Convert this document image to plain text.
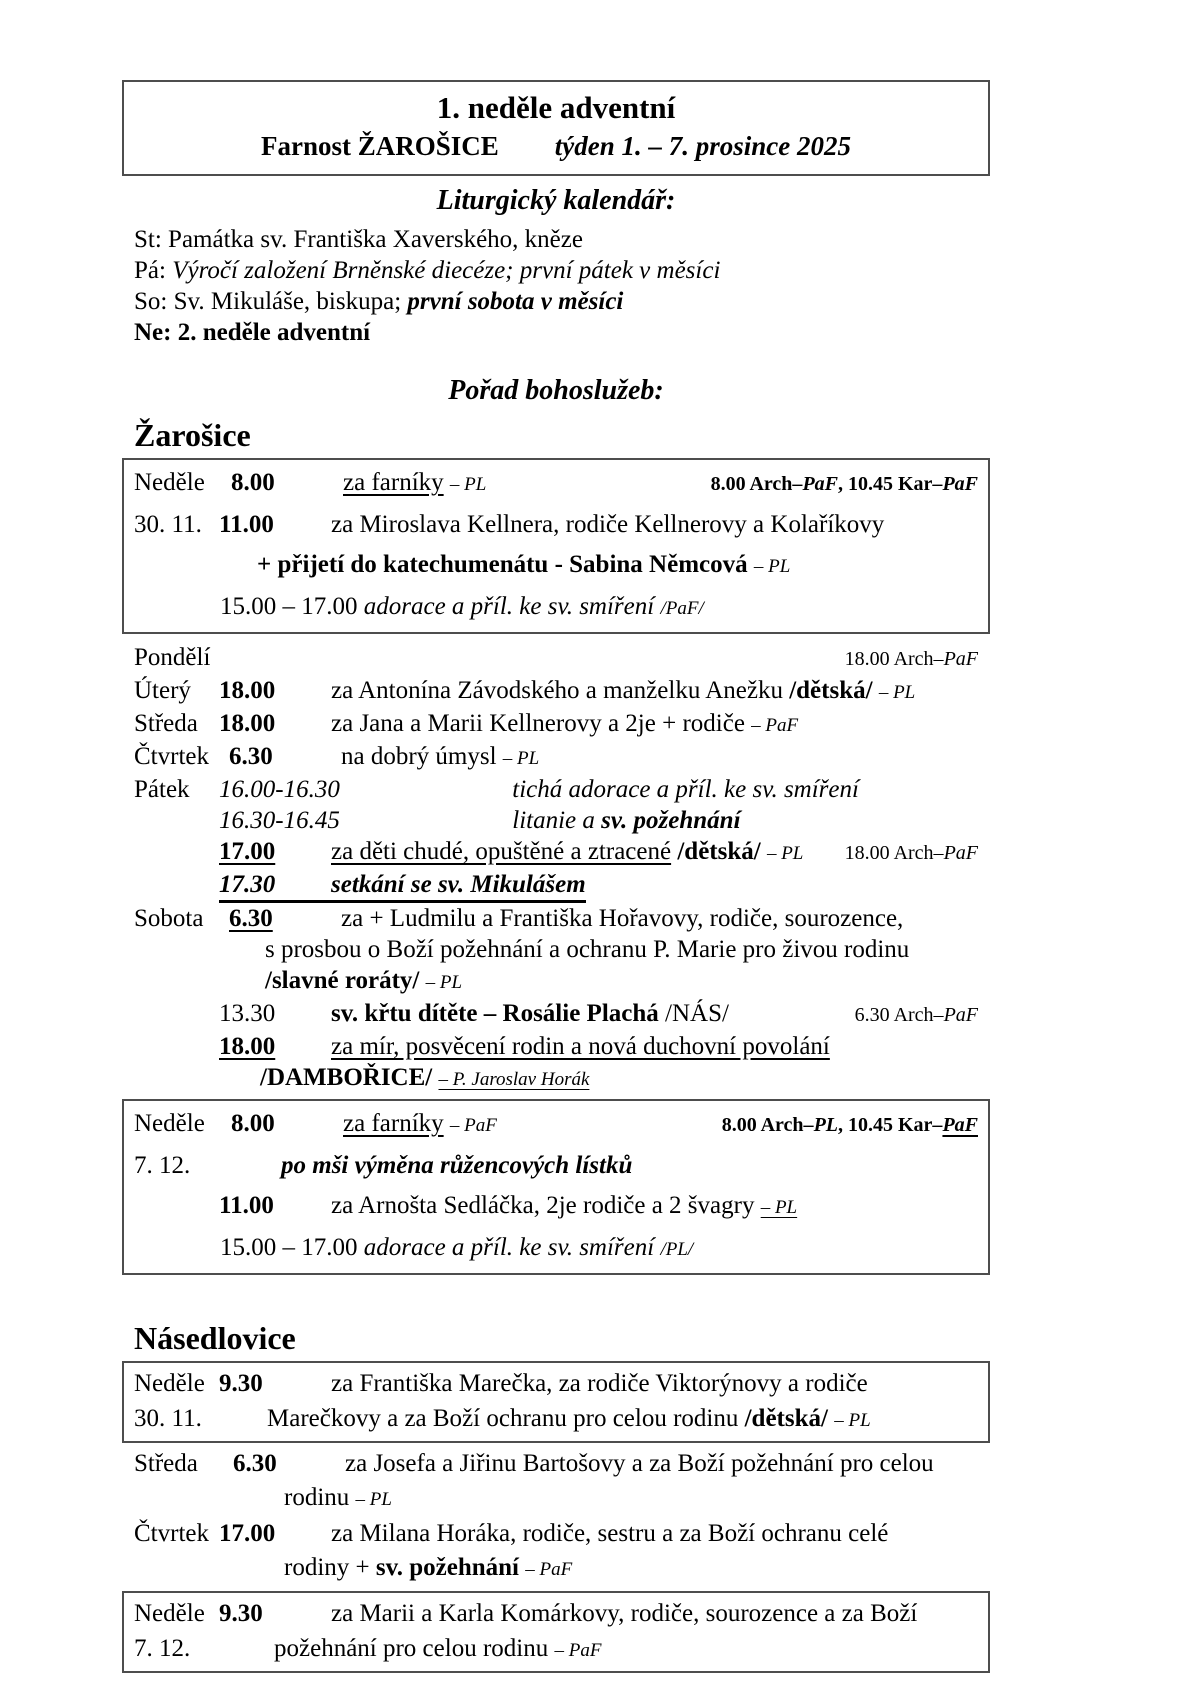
1. neděle adventní
Farnost ŽAROŠICE týden 1. – 7. prosince 2025
Liturgický kalendář:
St: Památka sv. Františka Xaverského, kněze
Pá: Výročí založení Brněnské diecéze; první pátek v měsíci
So: Sv. Mikuláše, biskupa; první sobota v měsíci
Ne: 2. neděle adventní
Pořad bohoslužeb:
Žarošice
Neděle	8.00	za farníky – PL	8.00 Arch–PaF, 10.45 Kar–PaF
30. 11. 11.00	za Miroslava Kellnera, rodiče Kellnerovy a Kolaříkovy
+ přijetí do katechumenátu - Sabina Němcová – PL
15.00 – 17.00 adorace a příl. ke sv. smíření /PaF/
Pondělí	18.00 Arch–PaF
Úterý	18.00	za Antonína Závodského a manželku Anežku /dětská/ – PL
Středa 18.00	za Jana a Marii Kellnerovy a 2je + rodiče – PaF
Čtvrtek 6.30	na dobrý úmysl – PL
Pátek	16.00-16.30	tichá adorace a příl. ke sv. smíření
16.30-16.45	litanie a sv. požehnání
17.00	za děti chudé, opuštěné a ztracené /dětská/ – PL	18.00 Arch–PaF
17.30	setkání se sv. Mikulášem
Sobota	6.30	za + Ludmilu a Františka Hořavovy, rodiče, sourozence,
s prosbou o Boží požehnání a ochranu P. Marie pro živou rodinu
/slavné roráty/ – PL
13.30	sv. křtu dítěte – Rosálie Plachá /NÁS/	6.30 Arch–PaF
18.00	za mír, posvěcení rodin a nová duchovní povolání
/DAMBOŘICE/ – P. Jaroslav Horák
Neděle	8.00	za farníky – PaF	8.00 Arch–PL, 10.45 Kar–PaF
7. 12.	po mši výměna růžencových lístků
11.00	za Arnošta Sedláčka, 2je rodiče a 2 švagry – PL
15.00 – 17.00 adorace a příl. ke sv. smíření /PL/
Násedlovice
Neděle 9.30	za Františka Marečka, za rodiče Viktorýnovy a rodiče
30. 11.	Marečkovy a za Boží ochranu pro celou rodinu /dětská/ – PL
Středa	6.30	za Josefa a Jiřinu Bartošovy a za Boží požehnání pro celou
rodinu – PL
Čtvrtek 17.00	za Milana Horáka, rodiče, sestru a za Boží ochranu celé
rodiny + sv. požehnání – PaF
Neděle 9.30	za Marii a Karla Komárkovy, rodiče, sourozence a za Boží
7. 12.	požehnání pro celou rodinu – PaF
